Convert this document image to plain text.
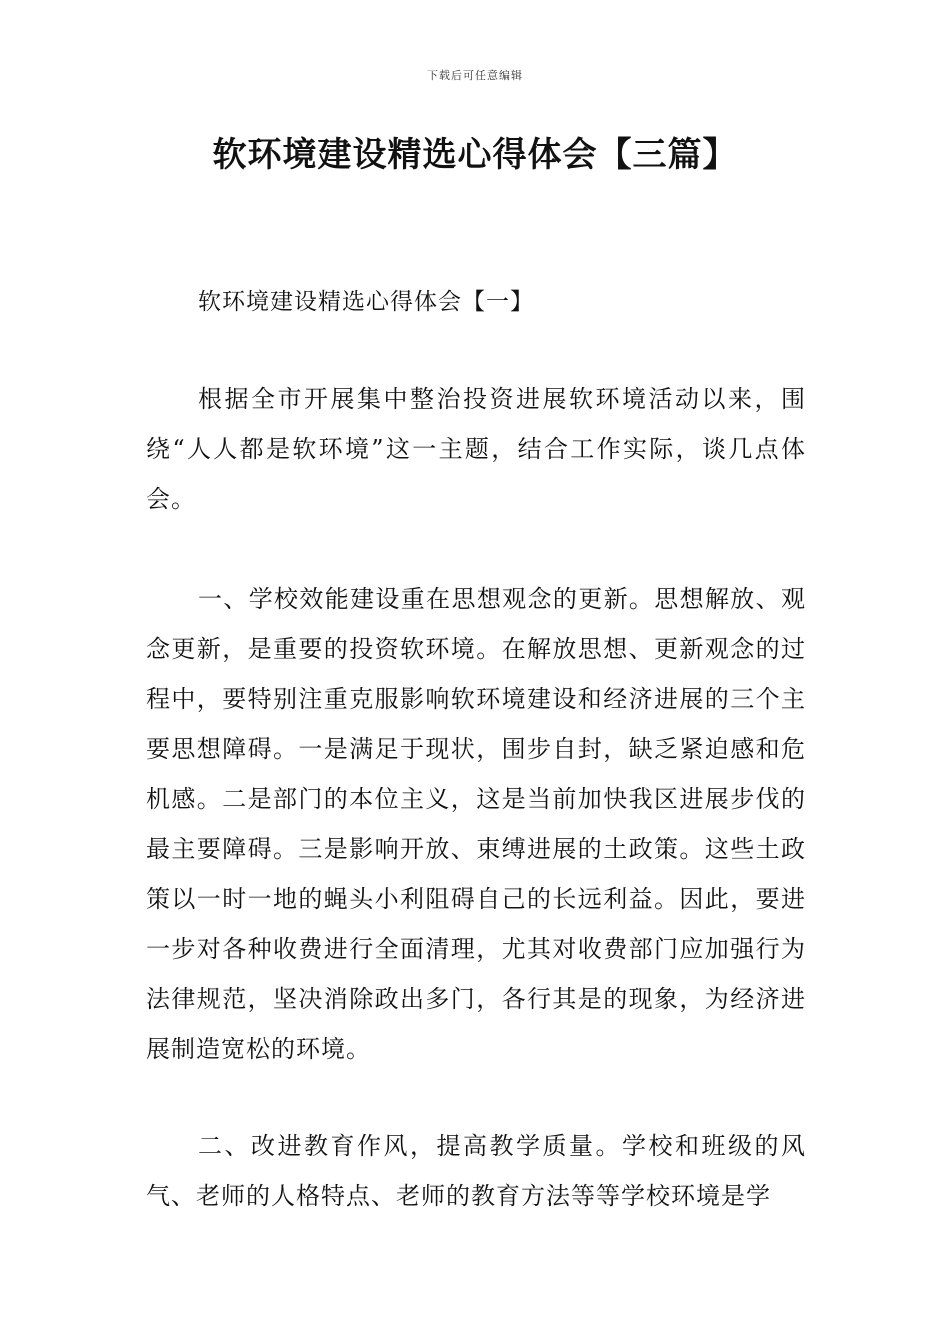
下载后可任意编辑
软环境建设精选心得体会【三篇】
软环境建设精选心得体会【一】

根据全市开展集中整治投资进展软环境活动以来，围绕“人人都是软环境”这一主题，结合工作实际，谈几点体会。

一、学校效能建设重在思想观念的更新。思想解放、观念更新，是重要的投资软环境。在解放思想、更新观念的过程中，要特别注重克服影响软环境建设和经济进展的三个主要思想障碍。一是满足于现状，围步自封，缺乏紧迫感和危机感。二是部门的本位主义，这是当前加快我区进展步伐的最主要障碍。三是影响开放、束缚进展的土政策。这些土政策以一时一地的蝇头小利阻碍自己的长远利益。因此，要进一步对各种收费进行全面清理，尤其对收费部门应加强行为法律规范，坚决消除政出多门，各行其是的现象，为经济进展制造宽松的环境。

二、改进教育作风，提高教学质量。学校和班级的风气、老师的人格特点、老师的教育方法等等学校环境是学
